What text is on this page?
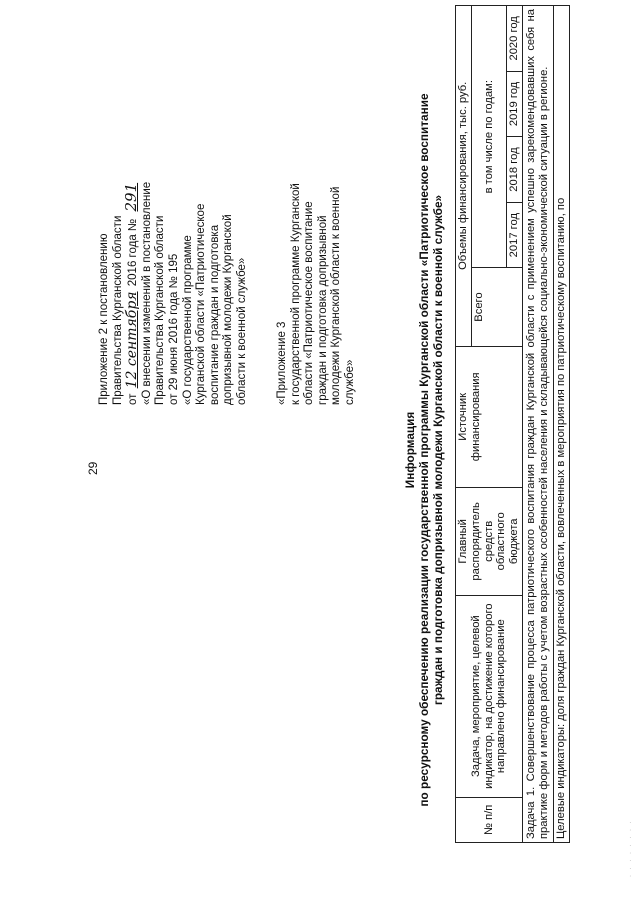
29
Приложение 2 к постановлению Правительства Курганской области от 12 сентября 2016 года № 291 «О внесении изменений в постановление Правительства Курганской области от 29 июня 2016 года № 195 «О государственной программе Курганской области «Патриотическое воспитание граждан и подготовка допризывной молодежи Курганской области к военной службе» «Приложение 3 к государственной программе Курганской области «Патриотическое воспитание граждан и подготовка допризывной молодежи Курганской области к военной службе»
Информация по ресурсному обеспечению реализации государственной программы Курганской области «Патриотическое воспитание граждан и подготовка допризывной молодежи Курганской области к военной службе»
№ п/п	Задача, мероприятие, целевой индикатор, на достижение которого направлено финансирование	Главный распорядитель средств областного бюджета	Источник финансирования	Объемы финансирования, тыс. руб.				
				Всего	в том числе по годам:			
					2017 год	2018 год	2019 год	2020 год
Задача 1. Совершенствование процесса патриотического воспитания граждан Курганской области с применением успешно зарекомендовавших себя на практике форм и методов работы с учетом возрастных особенностей населения и складывающейся социально-экономической ситуации в регионе.								
Целевые индикаторы: доля граждан Курганской области, вовлеченных в мероприятия по патриотическому воспитанию, по								
· · · · · · · ·
